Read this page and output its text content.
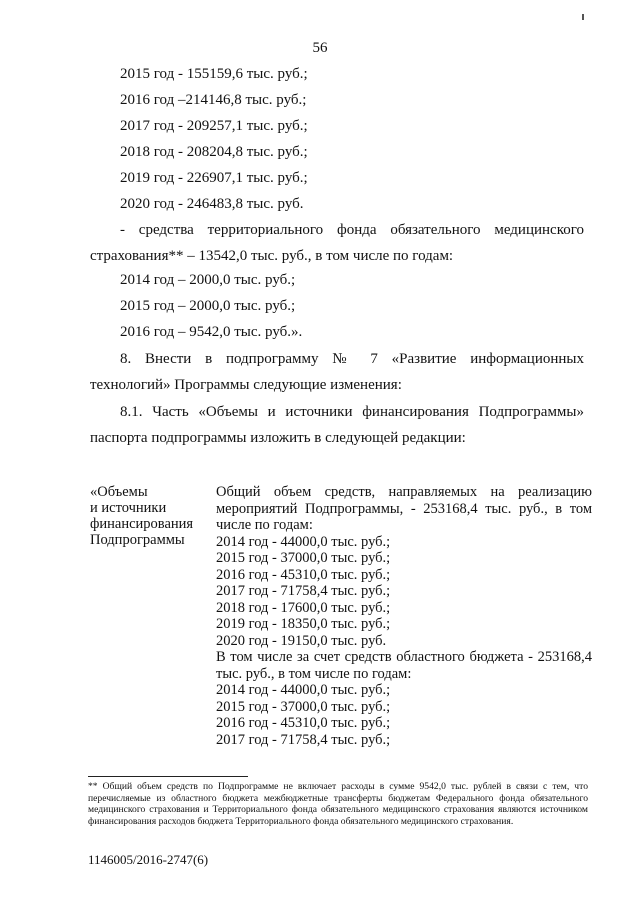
56
2015 год - 155159,6 тыс. руб.;
2016 год –214146,8 тыс. руб.;
2017 год - 209257,1 тыс. руб.;
2018 год - 208204,8 тыс. руб.;
2019 год - 226907,1 тыс. руб.;
2020 год - 246483,8 тыс. руб.
- средства территориального фонда обязательного медицинского страхования** – 13542,0 тыс. руб., в том числе по годам:
2014 год – 2000,0 тыс. руб.;
2015 год – 2000,0 тыс. руб.;
2016 год – 9542,0 тыс. руб.».
8. Внести в подпрограмму № 7 «Развитие информационных технологий» Программы следующие изменения:
8.1. Часть «Объемы и источники финансирования Подпрограммы» паспорта подпрограммы изложить в следующей редакции:
«Объемы
и источники
финансирования
Подпрограммы
Общий объем средств, направляемых на реализацию мероприятий Подпрограммы, - 253168,4 тыс. руб., в том числе по годам:
2014 год - 44000,0 тыс. руб.;
2015 год - 37000,0 тыс. руб.;
2016 год - 45310,0 тыс. руб.;
2017 год - 71758,4 тыс. руб.;
2018 год - 17600,0 тыс. руб.;
2019 год - 18350,0 тыс. руб.;
2020 год - 19150,0 тыс. руб.
В том числе за счет средств областного бюджета - 253168,4 тыс. руб., в том числе по годам:
2014 год - 44000,0 тыс. руб.;
2015 год - 37000,0 тыс. руб.;
2016 год - 45310,0 тыс. руб.;
2017 год - 71758,4 тыс. руб.;
** Общий объем средств по Подпрограмме не включает расходы в сумме 9542,0 тыс. рублей в связи с тем, что перечисляемые из областного бюджета межбюджетные трансферты бюджетам Федерального фонда обязательного медицинского страхования и Территориального фонда обязательного медицинского страхования являются источником финансирования расходов бюджета Территориального фонда обязательного медицинского страхования.
1146005/2016-2747(6)
